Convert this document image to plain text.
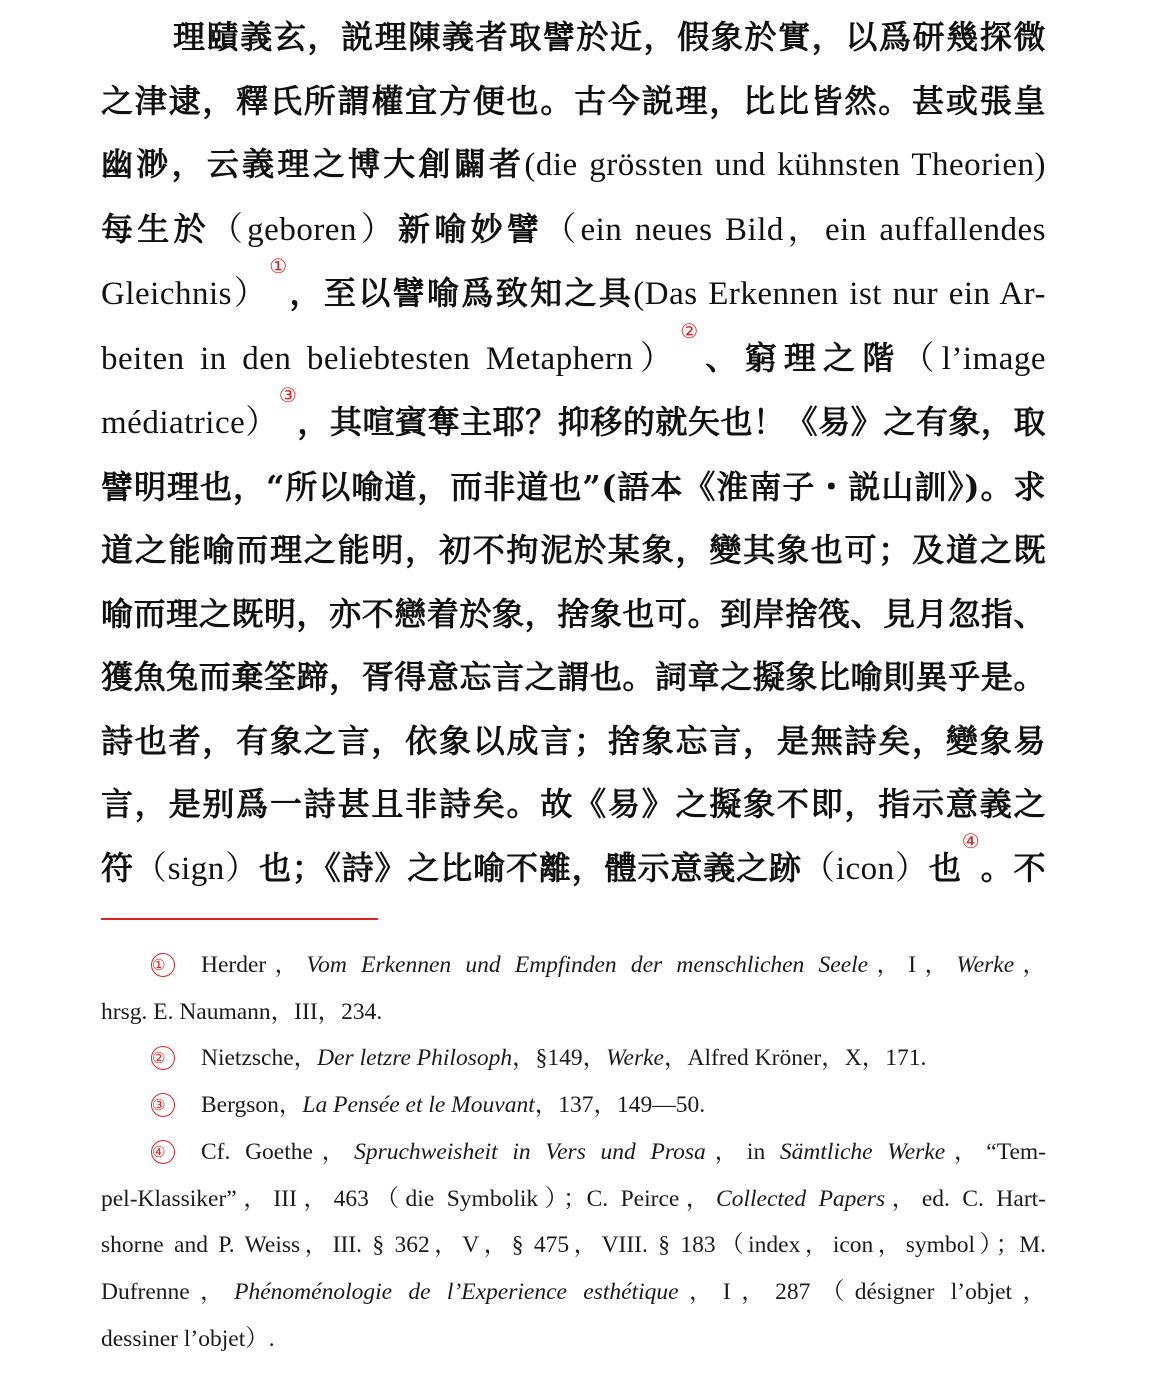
理賾義玄，説理陳義者取譬於近，假象於實，以爲研幾探微
之津逮，釋氏所謂權宜方便也。古今説理，比比皆然。甚或張皇
幽渺，云義理之博大創闢者(die grössten und kühnsten Theorien)
每生於（geboren）新喻妙譬（ein neues Bild，ein auffallendes
Gleichnis）①，至以譬喻爲致知之具(Das Erkennen ist nur ein Ar-
beiten in den beliebtesten Metaphern）②、窮理之階（l’image
médiatrice）③，其喧賓奪主耶？抑移的就矢也！《易》之有象，取
譬明理也，“所以喻道，而非道也”(語本《淮南子・説山訓》)。求
道之能喻而理之能明，初不拘泥於某象，變其象也可；及道之既
喻而理之既明，亦不戀着於象，捨象也可。到岸捨筏、見月忽指、
獲魚兔而棄筌蹄，胥得意忘言之謂也。詞章之擬象比喻則異乎是。
詩也者，有象之言，依象以成言；捨象忘言，是無詩矣，變象易
言，是别爲一詩甚且非詩矣。故《易》之擬象不即，指示意義之
符（sign）也；《詩》之比喻不離，體示意義之跡（icon）也④。不
① Herder，Vom Erkennen und Empfinden der menschlichen Seele，I，Werke，
hrsg. E. Naumann，III，234.
② Nietzsche，Der letzre Philosoph，§149，Werke，Alfred Kröner，X，171.
③ Bergson，La Pensée et le Mouvant，137，149—50.
④ Cf. Goethe，Spruchweisheit in Vers und Prosa，in Sämtliche Werke，“Tem-
pel-Klassiker”，III，463（die Symbolik）；C. Peirce，Collected Papers，ed. C. Hart-
shorne and P. Weiss，III. § 362，V，§ 475，VIII. § 183（index，icon，symbol）；M.
Dufrenne，Phénoménologie de l’Experience esthétique，I，287（désigner l’objet，
dessiner l’objet）.
